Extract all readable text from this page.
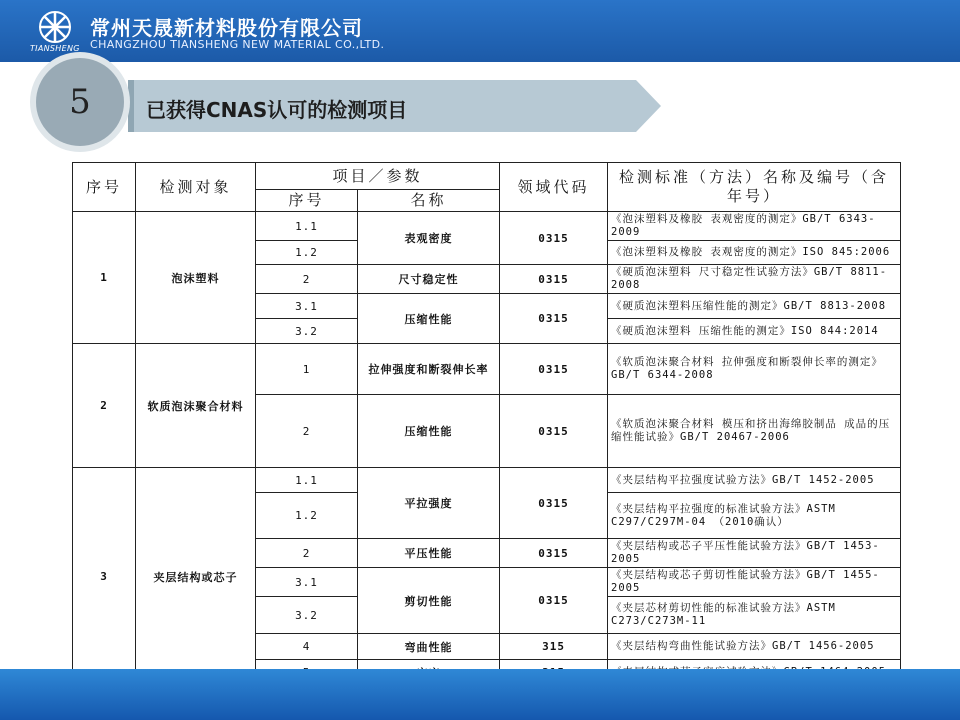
TIANSHENG
常州天晟新材料股份有限公司
CHANGZHOU TIANSHENG NEW MATERIAL CO.,LTD.
已获得CNAS认可的检测项目
5
序号	检测对象	项目／参数		领域代码	检测标准（方法）名称及编号（含年号）
		序号	名称		
1	泡沫塑料	1.1	表观密度	0315	《泡沫塑料及橡胶 表观密度的测定》GB/T 6343-2009
		1.2			《泡沫塑料及橡胶 表观密度的测定》ISO 845:2006
		2	尺寸稳定性	0315	《硬质泡沫塑料 尺寸稳定性试验方法》GB/T 8811-2008
		3.1	压缩性能	0315	《硬质泡沫塑料压缩性能的测定》GB/T 8813-2008
		3.2			《硬质泡沫塑料 压缩性能的测定》ISO 844:2014
2	软质泡沫聚合材料	1	拉伸强度和断裂伸长率	0315	《软质泡沫聚合材料 拉伸强度和断裂伸长率的测定》 GB/T 6344-2008
		2	压缩性能	0315	《软质泡沫聚合材料 模压和挤出海绵胶制品 成品的压缩性能试验》GB/T 20467-2006
3	夹层结构或芯子	1.1	平拉强度	0315	《夹层结构平拉强度试验方法》GB/T 1452-2005
		1.2			《夹层结构平拉强度的标准试验方法》ASTM C297/C297M-04 （2010确认）
		2	平压性能	0315	《夹层结构或芯子平压性能试验方法》GB/T 1453-2005
		3.1	剪切性能	0315	《夹层结构或芯子剪切性能试验方法》GB/T 1455-2005
		3.2			《夹层芯材剪切性能的标准试验方法》ASTM C273/C273M-11
		4	弯曲性能	315	《夹层结构弯曲性能试验方法》GB/T 1456-2005
